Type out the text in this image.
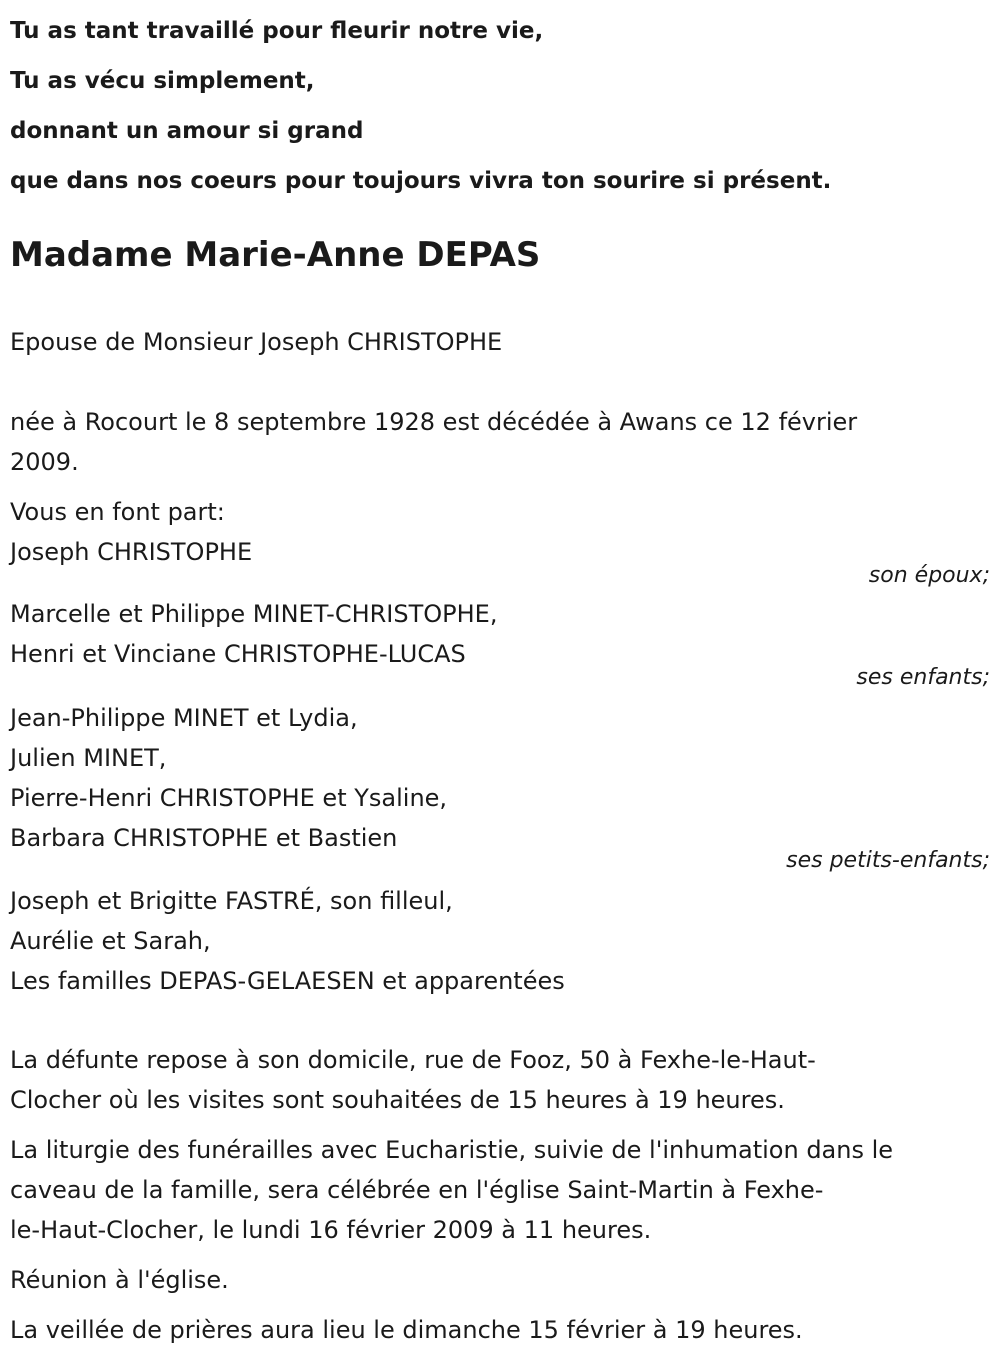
Tu as tant travaillé pour fleurir notre vie,
Tu as vécu simplement,
donnant un amour si grand
que dans nos coeurs pour toujours vivra ton sourire si présent.
Madame Marie-Anne DEPAS
Epouse de Monsieur Joseph CHRISTOPHE
née à Rocourt le 8 septembre 1928 est décédée à Awans ce 12 février
2009.
Vous en font part:
Joseph CHRISTOPHE
son époux;
Marcelle et Philippe MINET-CHRISTOPHE,
Henri et Vinciane CHRISTOPHE-LUCAS
ses enfants;
Jean-Philippe MINET et Lydia,
Julien MINET,
Pierre-Henri CHRISTOPHE et Ysaline,
Barbara CHRISTOPHE et Bastien
ses petits-enfants;
Joseph et Brigitte FASTRÉ, son filleul,
Aurélie et Sarah,
Les familles DEPAS-GELAESEN et apparentées
La défunte repose à son domicile, rue de Fooz, 50 à Fexhe-le-Haut-
Clocher où les visites sont souhaitées de 15 heures à 19 heures.
La liturgie des funérailles avec Eucharistie, suivie de l'inhumation dans le
caveau de la famille, sera célébrée en l'église Saint-Martin à Fexhe-
le-Haut-Clocher, le lundi 16 février 2009 à 11 heures.
Réunion à l'église.
La veillée de prières aura lieu le dimanche 15 février à 19 heures.
